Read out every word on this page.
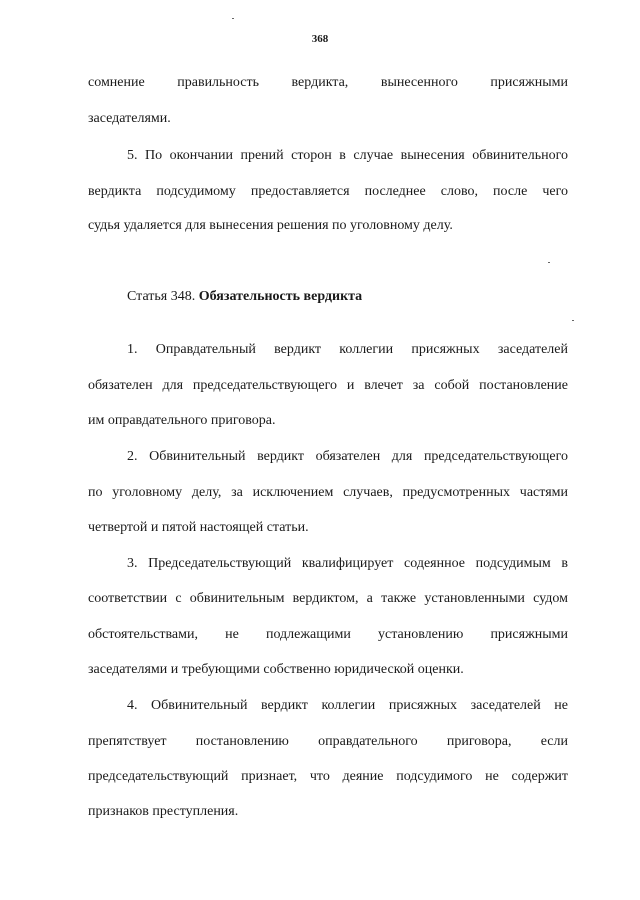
368
сомнение правильность вердикта, вынесенного присяжными
заседателями.
5. По окончании прений сторон в случае вынесения обвинительного
вердикта подсудимому предоставляется последнее слово, после чего
судья удаляется для вынесения решения по уголовному делу.
Статья 348. Обязательность вердикта
1. Оправдательный вердикт коллегии присяжных заседателей
обязателен для председательствующего и влечет за собой постановление
им оправдательного приговора.
2. Обвинительный вердикт обязателен для председательствующего
по уголовному делу, за исключением случаев, предусмотренных частями
четвертой и пятой настоящей статьи.
3. Председательствующий квалифицирует содеянное подсудимым в
соответствии с обвинительным вердиктом, а также установленными судом
обстоятельствами, не подлежащими установлению присяжными
заседателями и требующими собственно юридической оценки.
4. Обвинительный вердикт коллегии присяжных заседателей не
препятствует постановлению оправдательного приговора, если
председательствующий признает, что деяние подсудимого не содержит
признаков преступления.
